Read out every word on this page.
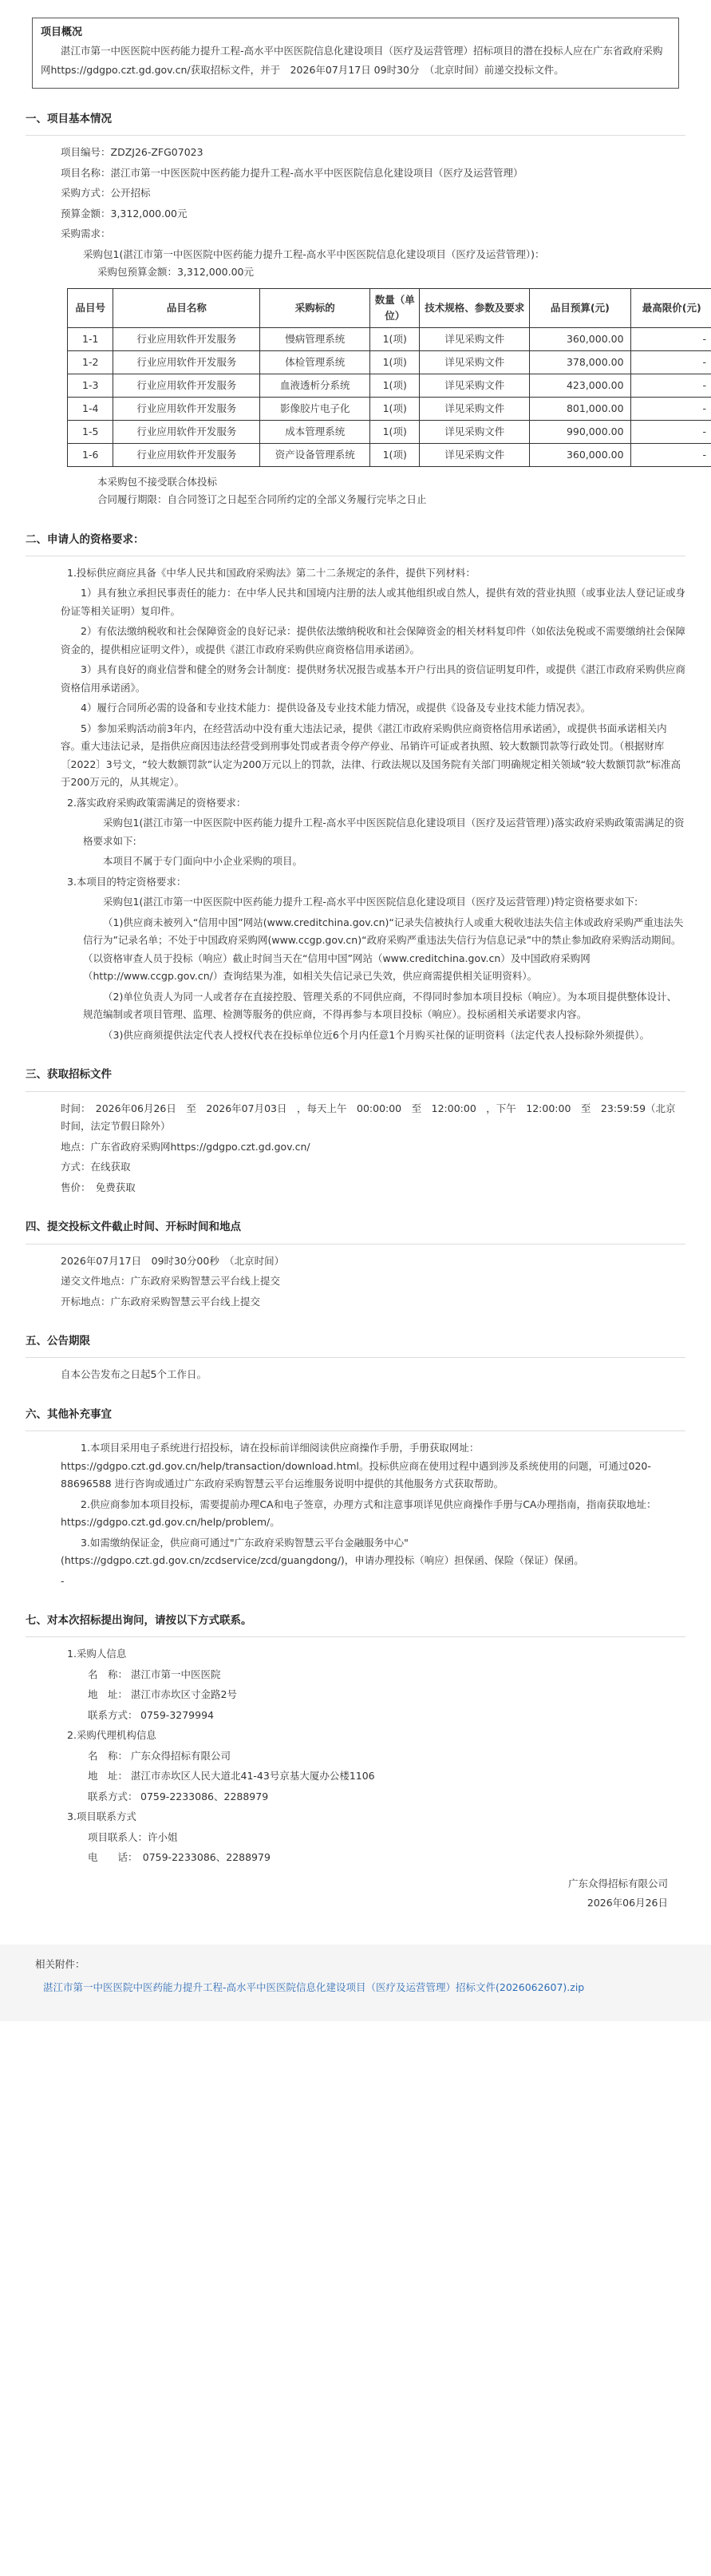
项目概况
湛江市第一中医医院中医药能力提升工程-高水平中医医院信息化建设项目（医疗及运营管理）招标项目的潜在投标人应在广东省政府采购网https://gdgpo.czt.gd.gov.cn/获取招标文件，并于　2026年07月17日 09时30分　（北京时间）前递交投标文件。
一、项目基本情况
项目编号：ZDZJ26-ZFG07023
项目名称：湛江市第一中医医院中医药能力提升工程-高水平中医医院信息化建设项目（医疗及运营管理）
采购方式：公开招标
预算金额：3,312,000.00元
采购需求：
采购包1(湛江市第一中医医院中医药能力提升工程-高水平中医医院信息化建设项目（医疗及运营管理）)：
采购包预算金额：3,312,000.00元
品目号	品目名称	采购标的	数量（单位）	技术规格、参数及要求	品目预算(元)	最高限价(元)
1-1	行业应用软件开发服务	慢病管理系统	1(项)	详见采购文件	360,000.00	-
1-2	行业应用软件开发服务	体检管理系统	1(项)	详见采购文件	378,000.00	-
1-3	行业应用软件开发服务	血液透析分系统	1(项)	详见采购文件	423,000.00	-
1-4	行业应用软件开发服务	影像胶片电子化	1(项)	详见采购文件	801,000.00	-
1-5	行业应用软件开发服务	成本管理系统	1(项)	详见采购文件	990,000.00	-
1-6	行业应用软件开发服务	资产设备管理系统	1(项)	详见采购文件	360,000.00	-
本采购包不接受联合体投标
合同履行期限：自合同签订之日起至合同所约定的全部义务履行完毕之日止
二、申请人的资格要求：
1.投标供应商应具备《中华人民共和国政府采购法》第二十二条规定的条件，提供下列材料：
1）具有独立承担民事责任的能力：在中华人民共和国境内注册的法人或其他组织或自然人，提供有效的营业执照（或事业法人登记证或身份证等相关证明）复印件。
2）有依法缴纳税收和社会保障资金的良好记录：提供依法缴纳税收和社会保障资金的相关材料复印件（如依法免税或不需要缴纳社会保障资金的，提供相应证明文件），或提供《湛江市政府采购供应商资格信用承诺函》。
3）具有良好的商业信誉和健全的财务会计制度：提供财务状况报告或基本开户行出具的资信证明复印件，或提供《湛江市政府采购供应商资格信用承诺函》。
4）履行合同所必需的设备和专业技术能力：提供设备及专业技术能力情况，或提供《设备及专业技术能力情况表》。
5）参加采购活动前3年内，在经营活动中没有重大违法记录，提供《湛江市政府采购供应商资格信用承诺函》，或提供书面承诺相关内容。重大违法记录，是指供应商因违法经营受到刑事处罚或者责令停产停业、吊销许可证或者执照、较大数额罚款等行政处罚。（根据财库〔2022〕3号文，“较大数额罚款”认定为200万元以上的罚款，法律、行政法规以及国务院有关部门明确规定相关领域“较大数额罚款”标准高于200万元的，从其规定）。
2.落实政府采购政策需满足的资格要求：
采购包1(湛江市第一中医医院中医药能力提升工程-高水平中医医院信息化建设项目（医疗及运营管理）)落实政府采购政策需满足的资格要求如下:
本项目不属于专门面向中小企业采购的项目。
3.本项目的特定资格要求：
采购包1(湛江市第一中医医院中医药能力提升工程-高水平中医医院信息化建设项目（医疗及运营管理）)特定资格要求如下:
（1)供应商未被列入“信用中国”网站(www.creditchina.gov.cn)“记录失信被执行人或重大税收违法失信主体或政府采购严重违法失信行为”记录名单；不处于中国政府采购网(www.ccgp.gov.cn)“政府采购严重违法失信行为信息记录”中的禁止参加政府采购活动期间。（以资格审查人员于投标（响应）截止时间当天在“信用中国”网站（www.creditchina.gov.cn）及中国政府采购网（http://www.ccgp.gov.cn/）查询结果为准，如相关失信记录已失效，供应商需提供相关证明资料）。
（2)单位负责人为同一人或者存在直接控股、管理关系的不同供应商，不得同时参加本项目投标（响应）。为本项目提供整体设计、规范编制或者项目管理、监理、检测等服务的供应商，不得再参与本项目投标（响应）。投标函相关承诺要求内容。
（3)供应商须提供法定代表人授权代表在投标单位近6个月内任意1个月购买社保的证明资料（法定代表人投标除外须提供）。
三、获取招标文件
时间：　2026年06月26日　至　2026年07月03日　，每天上午　00:00:00　至　12:00:00　，下午　12:00:00　至　23:59:59（北京时间，法定节假日除外）
地点：广东省政府采购网https://gdgpo.czt.gd.gov.cn/
方式：在线获取
售价：　免费获取
四、提交投标文件截止时间、开标时间和地点
2026年07月17日　09时30分00秒　（北京时间）
递交文件地点：广东政府采购智慧云平台线上提交
开标地点：广东政府采购智慧云平台线上提交
五、公告期限
自本公告发布之日起5个工作日。
六、其他补充事宜
1.本项目采用电子系统进行招投标，请在投标前详细阅读供应商操作手册，手册获取网址：https://gdgpo.czt.gd.gov.cn/help/transaction/download.html。投标供应商在使用过程中遇到涉及系统使用的问题，可通过020-88696588 进行咨询或通过广东政府采购智慧云平台运维服务说明中提供的其他服务方式获取帮助。
2.供应商参加本项目投标，需要提前办理CA和电子签章，办理方式和注意事项详见供应商操作手册与CA办理指南，指南获取地址：https://gdgpo.czt.gd.gov.cn/help/problem/。
3.如需缴纳保证金，供应商可通过"广东政府采购智慧云平台金融服务中心"(https://gdgpo.czt.gd.gov.cn/zcdservice/zcd/guangdong/)，申请办理投标（响应）担保函、保险（保证）保函。
-
七、对本次招标提出询问，请按以下方式联系。
1.采购人信息
名　称： 湛江市第一中医医院
地　址： 湛江市赤坎区寸金路2号
联系方式： 0759-3279994
2.采购代理机构信息
名　称： 广东众得招标有限公司
地　址： 湛江市赤坎区人民大道北41-43号京基大厦办公楼1106
联系方式： 0759-2233086、2288979
3.项目联系方式
项目联系人：许小姐
电　　话：　0759-2233086、2288979
广东众得招标有限公司
2026年06月26日
相关附件：
湛江市第一中医医院中医药能力提升工程-高水平中医医院信息化建设项目（医疗及运营管理）招标文件(2026062607).zip
